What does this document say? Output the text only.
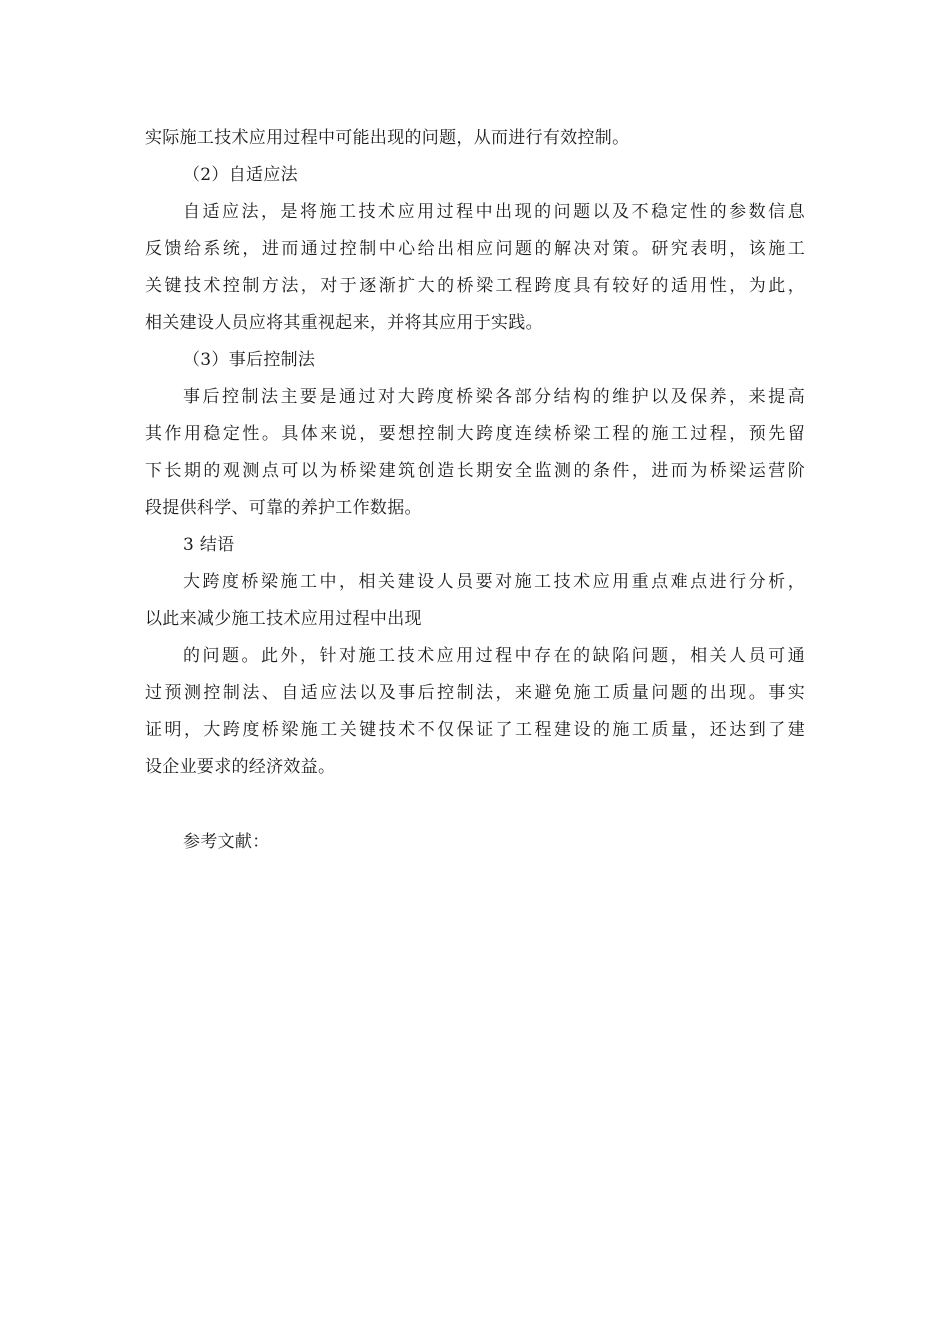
实际施工技术应用过程中可能出现的问题，从而进行有效控制。
（2）自适应法
自适应法，是将施工技术应用过程中出现的问题以及不稳定性的参数信息
反馈给系统，进而通过控制中心给出相应问题的解决对策。研究表明，该施工
关键技术控制方法，对于逐渐扩大的桥梁工程跨度具有较好的适用性，为此，
相关建设人员应将其重视起来，并将其应用于实践。
（3）事后控制法
事后控制法主要是通过对大跨度桥梁各部分结构的维护以及保养，来提高
其作用稳定性。具体来说，要想控制大跨度连续桥梁工程的施工过程，预先留
下长期的观测点可以为桥梁建筑创造长期安全监测的条件，进而为桥梁运营阶
段提供科学、可靠的养护工作数据。
3 结语
大跨度桥梁施工中，相关建设人员要对施工技术应用重点难点进行分析，
以此来减少施工技术应用过程中出现
的问题。此外，针对施工技术应用过程中存在的缺陷问题，相关人员可通
过预测控制法、自适应法以及事后控制法，来避免施工质量问题的出现。事实
证明，大跨度桥梁施工关键技术不仅保证了工程建设的施工质量，还达到了建
设企业要求的经济效益。
参考文献：
